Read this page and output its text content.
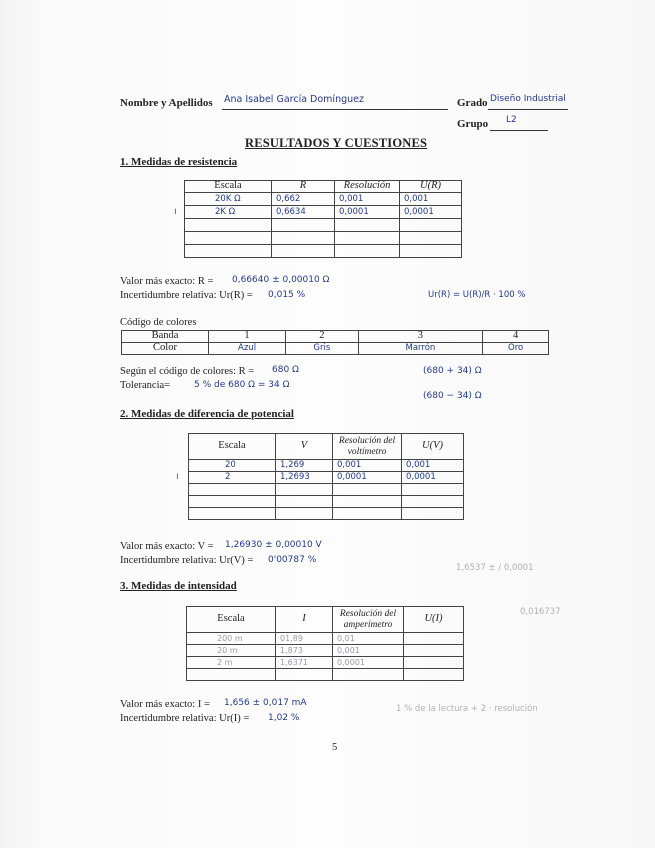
Nombre y Apellidos Ana Isabel García Domínguez	Grado Diseño Industrial
Grupo L2
RESULTADOS Y CUESTIONES
1. Medidas de resistencia
ı
Escala	R	Resolución	U(R)
20K Ω	0,662	0,001	0,001
2K Ω	0,6634	0,0001	0,0001

Valor más exacto: R = 0,66640 ± 0,00010 Ω
Incertidumbre relativa: Ur(R) = 0,015 %	Ur(R) = U(R)/R · 100 %
Código de colores
Banda	1	2	3	4
Color	Azul	Gris	Marrón	Oro
Según el código de colores: R = 680 Ω
Tolerancia=	5 % de 680 Ω = 34 Ω
(680 + 34) Ω
(680 − 34) Ω
2. Medidas de diferencia de potencial
ı
Escala	V	Resolución del voltímetro	U(V)
20	1,269	0,001	0,001
2	1,2693	0,0001	0,0001

Valor más exacto: V = 1,26930 ± 0,00010 V
Incertidumbre relativa: Ur(V) = 0'00787 %
1,6537 ± / 0,0001
0,016737
3. Medidas de intensidad
Escala	I	Resolución del amperímetro	U(I)
200 m	01,89	0,01	
20 m	1,873	0,001	
2 m	1,6371	0,0001	

Valor más exacto: I = 1,656 ± 0,017 mA
Incertidumbre relativa: Ur(I) = 1,02 %
1 % de la lectura + 2 · resolución
5
